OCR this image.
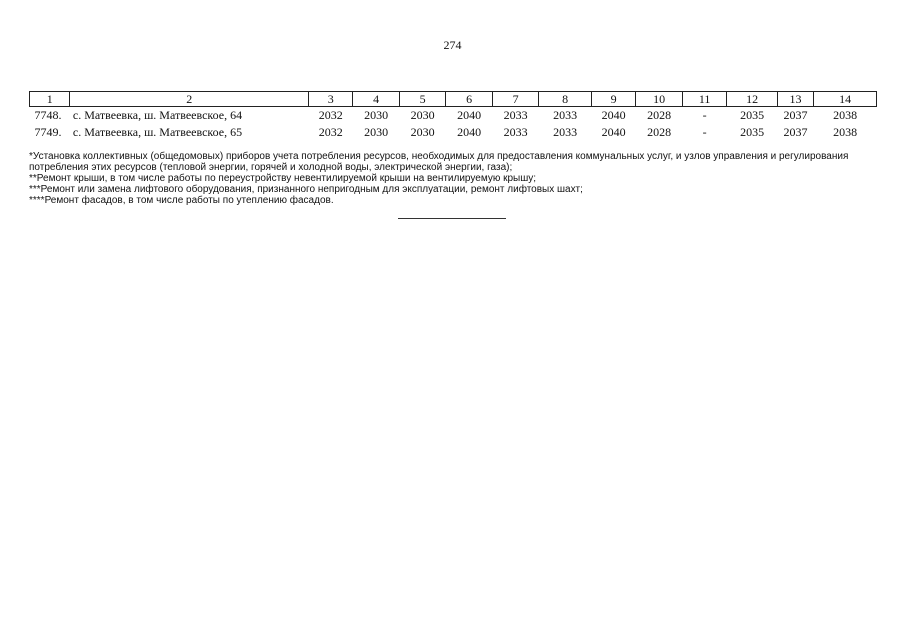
274
1	2	3	4	5	6	7	8	9	10	11	12	13	14
7748.	с. Матвеевка, ш. Матвеевское, 64	2032	2030	2030	2040	2033	2033	2040	2028	-	2035	2037	2038
7749.	с. Матвеевка, ш. Матвеевское, 65	2032	2030	2030	2040	2033	2033	2040	2028	-	2035	2037	2038

*Установка коллективных (общедомовых) приборов учета потребления ресурсов, необходимых для предоставления коммунальных услуг, и узлов управления и регулирования потребления этих ресурсов (тепловой энергии, горячей и холодной воды, электрической энергии, газа);

**Ремонт крыши, в том числе работы по переустройству невентилируемой крыши на вентилируемую крышу;

***Ремонт или замена лифтового оборудования, признанного непригодным для эксплуатации, ремонт лифтовых шахт;

****Ремонт фасадов, в том числе работы по утеплению фасадов.
